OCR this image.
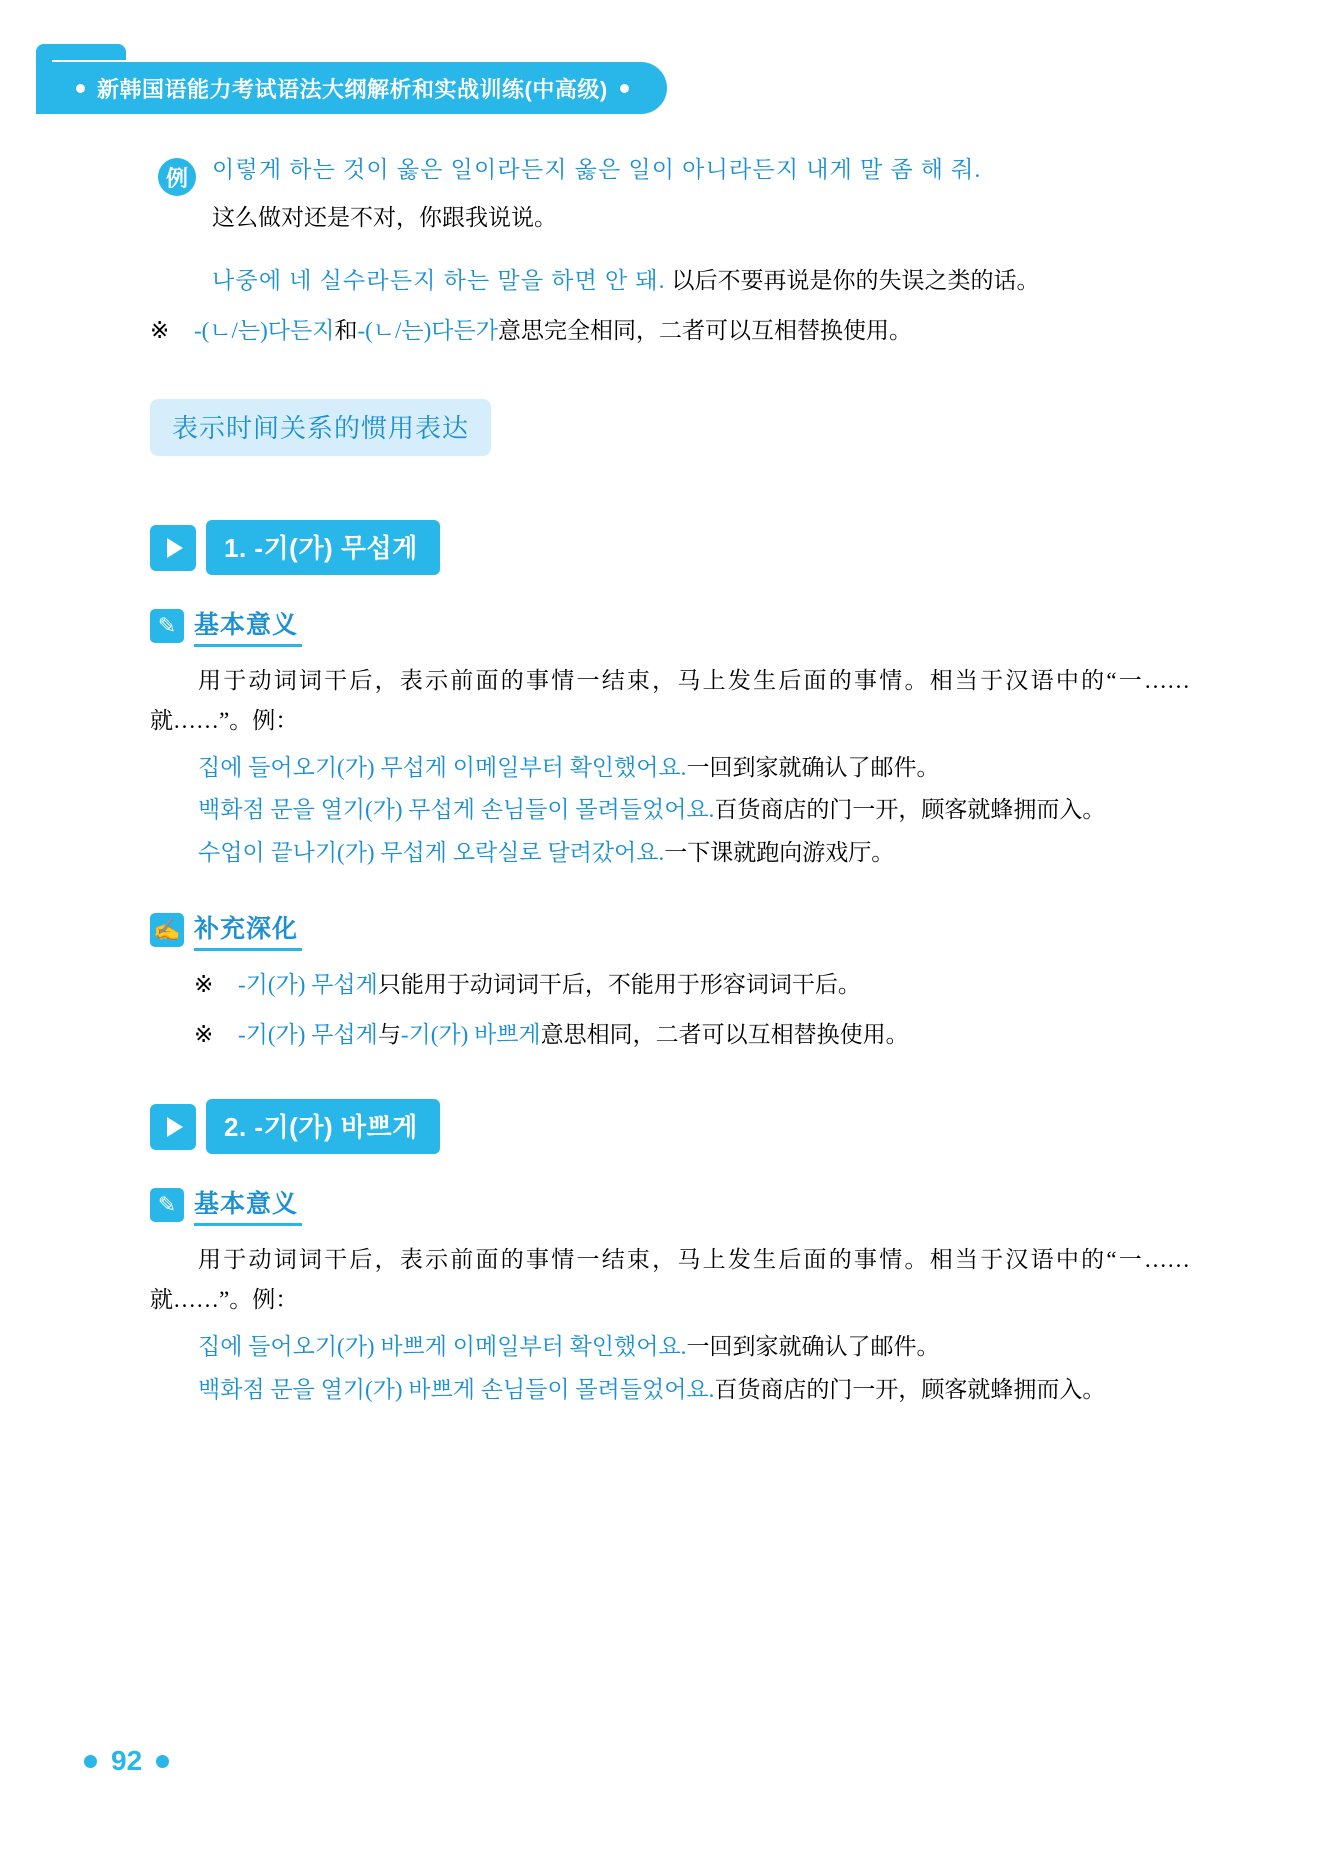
新韩国语能力考试语法大纲解析和实战训练(中高级)
例	이렇게 하는 것이 옳은 일이라든지 옳은 일이 아니라든지 내게 말 좀 해 줘.

这么做对还是不对，你跟我说说。

나중에 네 실수라든지 하는 말을 하면 안 돼. 以后不要再说是你的失误之类的话。

※	-(ㄴ/는)다든지和-(ㄴ/는)다든가意思完全相同，二者可以互相替换使用。
表示时间关系的惯用表达
1. -기(가) 무섭게
✎ 基本意义

用于动词词干后，表示前面的事情一结束，马上发生后面的事情。相当于汉语中的“一……就……”。例：

집에 들어오기(가) 무섭게 이메일부터 확인했어요.一回到家就确认了邮件。

백화점 문을 열기(가) 무섭게 손님들이 몰려들었어요.百货商店的门一开，顾客就蜂拥而入。

수업이 끝나기(가) 무섭게 오락실로 달려갔어요.一下课就跑向游戏厅。

✍ 补充深化
※	-기(가) 무섭게只能用于动词词干后，不能用于形容词词干后。
※	-기(가) 무섭게与-기(가) 바쁘게意思相同，二者可以互相替换使用。
2. -기(가) 바쁘게
✎ 基本意义

用于动词词干后，表示前面的事情一结束，马上发生后面的事情。相当于汉语中的“一……就……”。例：

집에 들어오기(가) 바쁘게 이메일부터 확인했어요.一回到家就确认了邮件。

백화점 문을 열기(가) 바쁘게 손님들이 몰려들었어요.百货商店的门一开，顾客就蜂拥而入。

92
